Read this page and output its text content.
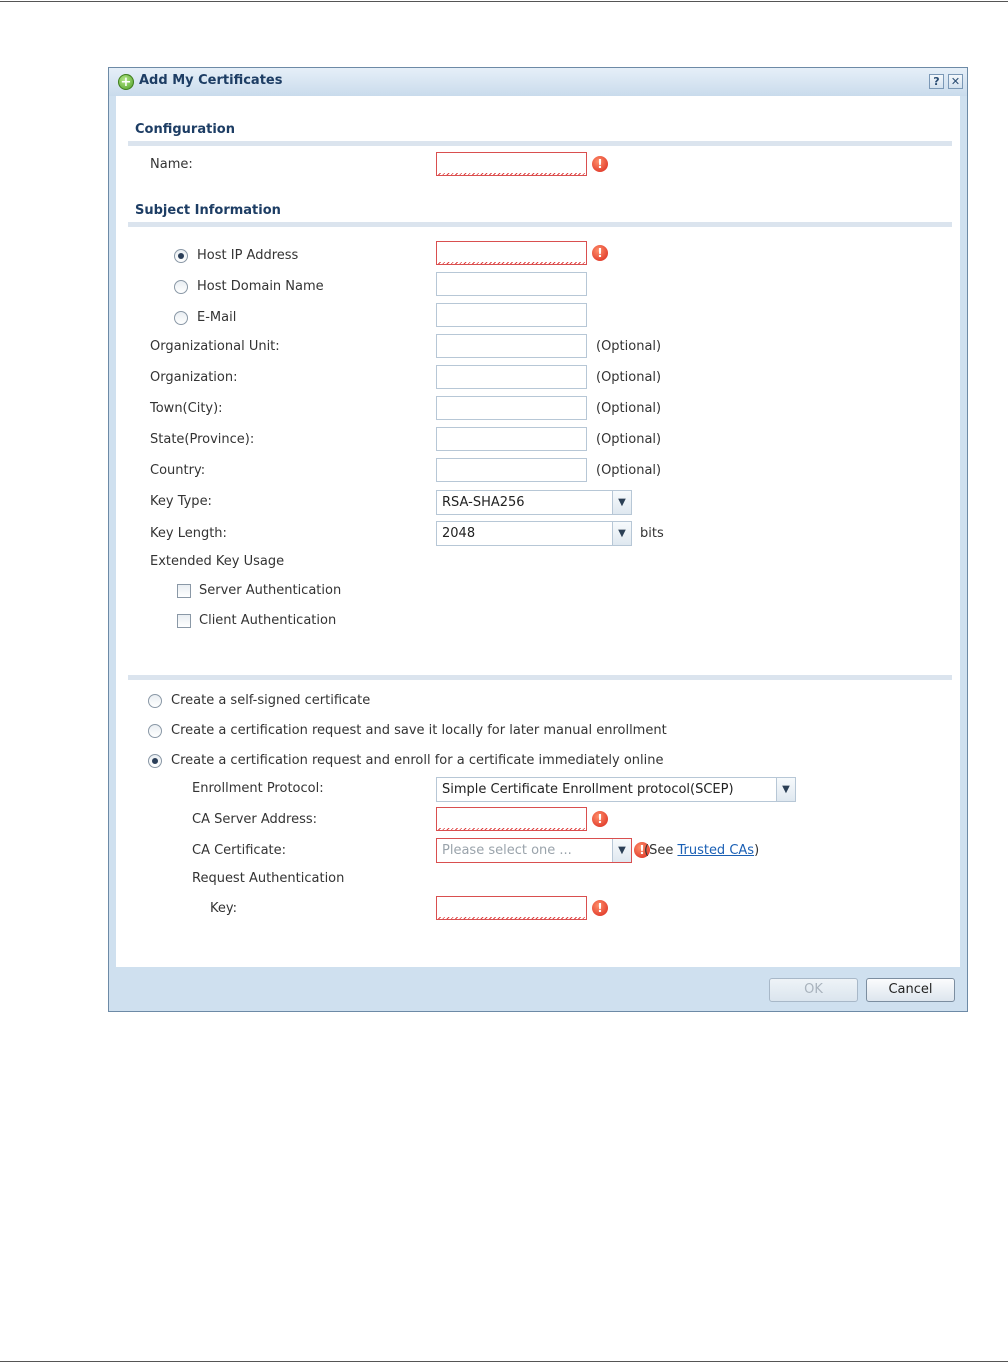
+ Add My Certificates	?	✕
Configuration
Name:	!
Subject Information
Host IP Address	!
Host Domain Name
E-Mail
Organizational Unit:	(Optional)
Organization:	(Optional)
Town(City):	(Optional)
State(Province):	(Optional)
Country:	(Optional)
Key Type:	RSA-SHA256	▼
Key Length:	2048	▼	bits
Extended Key Usage
Server Authentication
Client Authentication
Create a self-signed certificate
Create a certification request and save it locally for later manual enrollment
Create a certification request and enroll for a certificate immediately online
Enrollment Protocol:	Simple Certificate Enrollment protocol(SCEP)	▼
CA Server Address:	!
CA Certificate:	Please select one ...	▼	! (See Trusted CAs)
Request Authentication
Key:	!
OK	Cancel
